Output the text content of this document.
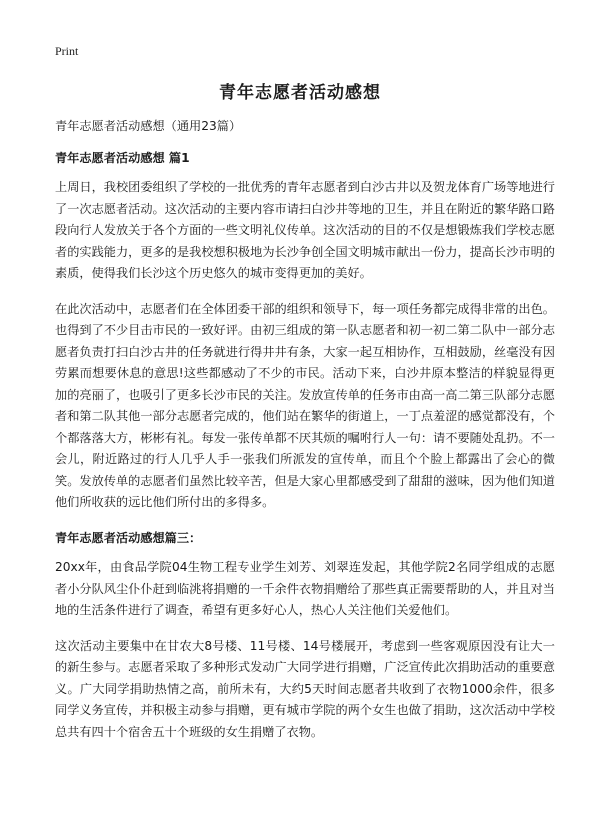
Print
青年志愿者活动感想

青年志愿者活动感想（通用23篇）

青年志愿者活动感想 篇1

上周日，我校团委组织了学校的一批优秀的青年志愿者到白沙古井以及贺龙体育广场等地进行了一次志愿者活动。这次活动的主要内容市请扫白沙井等地的卫生，并且在附近的繁华路口路段向行人发放关于各个方面的一些文明礼仪传单。这次活动的目的不仅是想锻炼我们学校志愿者的实践能力，更多的是我校想积极地为长沙争创全国文明城市献出一份力，提高长沙市明的素质，使得我们长沙这个历史悠久的城市变得更加的美好。

在此次活动中，志愿者们在全体团委干部的组织和领导下，每一项任务都完成得非常的出色。也得到了不少目击市民的一致好评。由初三组成的第一队志愿者和初一初二第二队中一部分志愿者负责打扫白沙古井的任务就进行得井井有条，大家一起互相协作，互相鼓励，丝毫没有因劳累而想要休息的意思!这些都感动了不少的市民。活动下来，白沙井原本整洁的样貌显得更加的亮丽了，也吸引了更多长沙市民的关注。发放宣传单的任务市由高一高二第三队部分志愿者和第二队其他一部分志愿者完成的，他们站在繁华的街道上，一丁点羞涩的感觉都没有，个个都落落大方，彬彬有礼。每发一张传单都不厌其烦的嘱咐行人一句：请不要随处乱扔。不一会儿，附近路过的行人几乎人手一张我们所派发的宣传单，而且个个脸上都露出了会心的微笑。发放传单的志愿者们虽然比较辛苦，但是大家心里都感受到了甜甜的滋味，因为他们知道他们所收获的远比他们所付出的多得多。

青年志愿者活动感想篇三：

20xx年，由食品学院04生物工程专业学生刘芳、刘翠连发起，其他学院2名同学组成的志愿者小分队风尘仆仆赶到临洮将捐赠的一千余件衣物捐赠给了那些真正需要帮助的人，并且对当地的生活条件进行了调查，希望有更多好心人，热心人关注他们关爱他们。

这次活动主要集中在甘农大8号楼、11号楼、14号楼展开，考虑到一些客观原因没有让大一的新生参与。志愿者采取了多种形式发动广大同学进行捐赠，广泛宣传此次捐助活动的重要意义。广大同学捐助热情之高，前所未有，大约5天时间志愿者共收到了衣物1000余件，很多同学义务宣传，并积极主动参与捐赠，更有城市学院的两个女生也做了捐助，这次活动中学校总共有四十个宿舍五十个班级的女生捐赠了衣物。
